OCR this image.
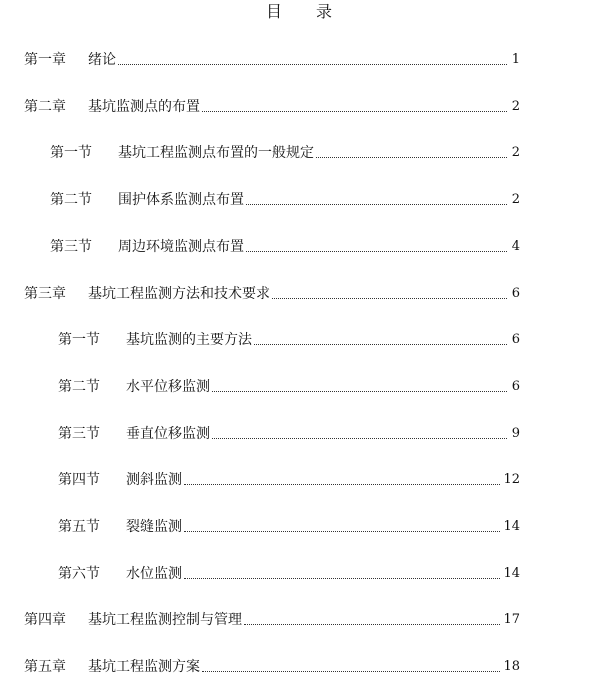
目 录
第一章	绪论	1
第二章	基坑监测点的布置	2
第一节	基坑工程监测点布置的一般规定	2
第二节	围护体系监测点布置	2
第三节	周边环境监测点布置	4
第三章	基坑工程监测方法和技术要求	6
第一节	基坑监测的主要方法	6
第二节	水平位移监测	6
第三节	垂直位移监测	9
第四节	测斜监测	12
第五节	裂缝监测	14
第六节	水位监测	14
第四章	基坑工程监测控制与管理	17
第五章	基坑工程监测方案	18
